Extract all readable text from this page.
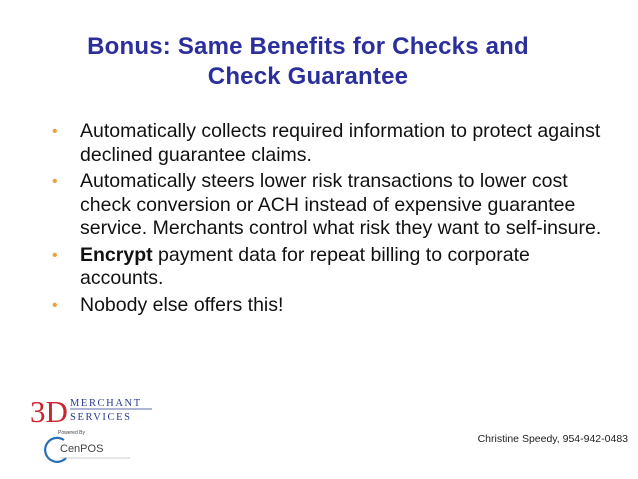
Bonus: Same Benefits for Checks and
Check Guarantee
• Automatically collects required information to protect against declined guarantee claims.
• Automatically steers lower risk transactions to lower cost check conversion or ACH instead of expensive guarantee service. Merchants control what risk they want to self-insure.
• Encrypt payment data for repeat billing to corporate accounts.
• Nobody else offers this!
3D MERCHANT
SERVICES
Powered By
CenPOS
Christine Speedy, 954-942-0483
